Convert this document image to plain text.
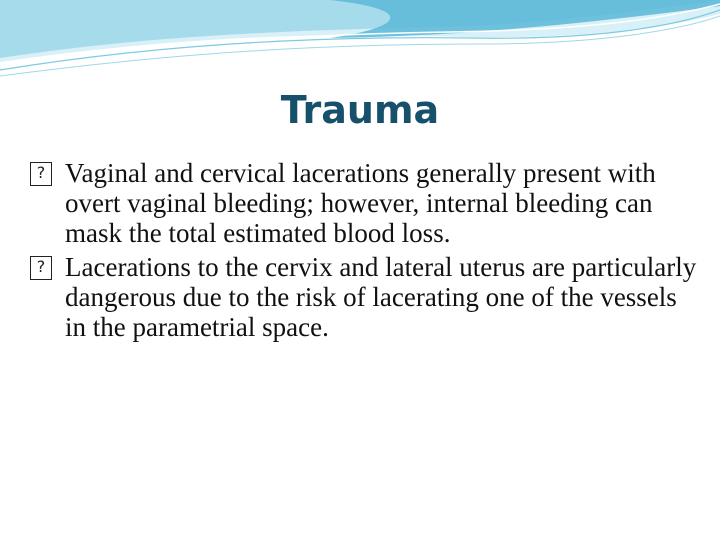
Trauma
? Vaginal and cervical lacerations generally present with overt vaginal bleeding; however, internal bleeding can mask the total estimated blood loss.
? Lacerations to the cervix and lateral uterus are particularly dangerous due to the risk of lacerating one of the vessels in the parametrial space.
